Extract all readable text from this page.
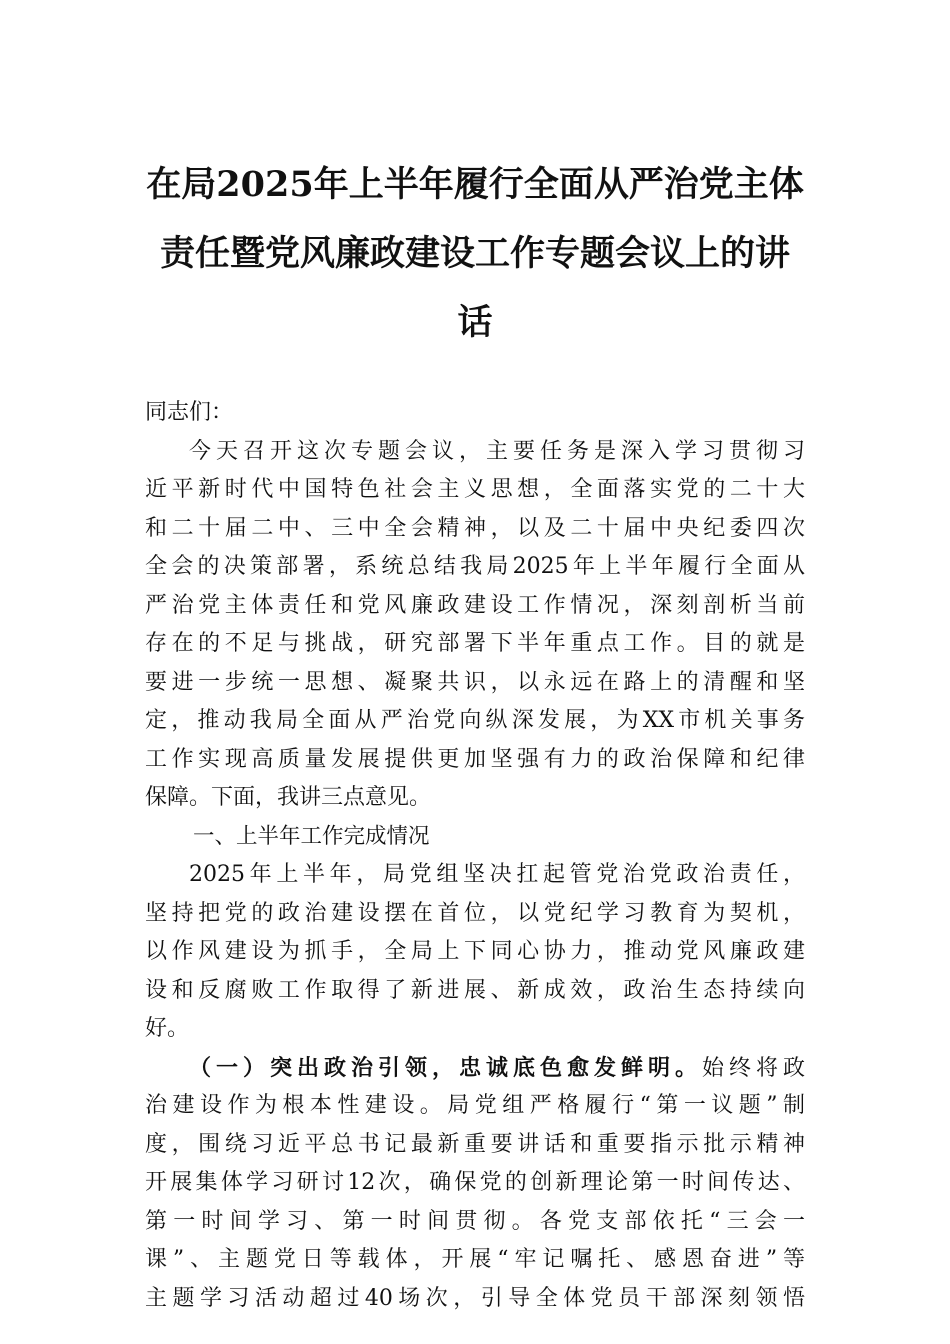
在局2025年上半年履行全面从严治党主体
责任暨党风廉政建设工作专题会议上的讲
话
同志们：
今天召开这次专题会议，主要任务是深入学习贯彻习
近平新时代中国特色社会主义思想，全面落实党的二十大
和二十届二中、三中全会精神，以及二十届中央纪委四次
全会的决策部署，系统总结我局2025年上半年履行全面从
严治党主体责任和党风廉政建设工作情况，深刻剖析当前
存在的不足与挑战，研究部署下半年重点工作。目的就是
要进一步统一思想、凝聚共识，以永远在路上的清醒和坚
定，推动我局全面从严治党向纵深发展，为XX市机关事务
工作实现高质量发展提供更加坚强有力的政治保障和纪律
保障。下面，我讲三点意见。
一、上半年工作完成情况
2025年上半年，局党组坚决扛起管党治党政治责任，
坚持把党的政治建设摆在首位，以党纪学习教育为契机，
以作风建设为抓手，全局上下同心协力，推动党风廉政建
设和反腐败工作取得了新进展、新成效，政治生态持续向
好。
（一）突出政治引领，忠诚底色愈发鲜明。始终将政
治建设作为根本性建设。局党组严格履行“第一议题”制
度，围绕习近平总书记最新重要讲话和重要指示批示精神
开展集体学习研讨12次，确保党的创新理论第一时间传达、
第一时间学习、第一时间贯彻。各党支部依托“三会一
课”、主题党日等载体，开展“牢记嘱托、感恩奋进”等
主题学习活动超过40场次，引导全体党员干部深刻领悟
